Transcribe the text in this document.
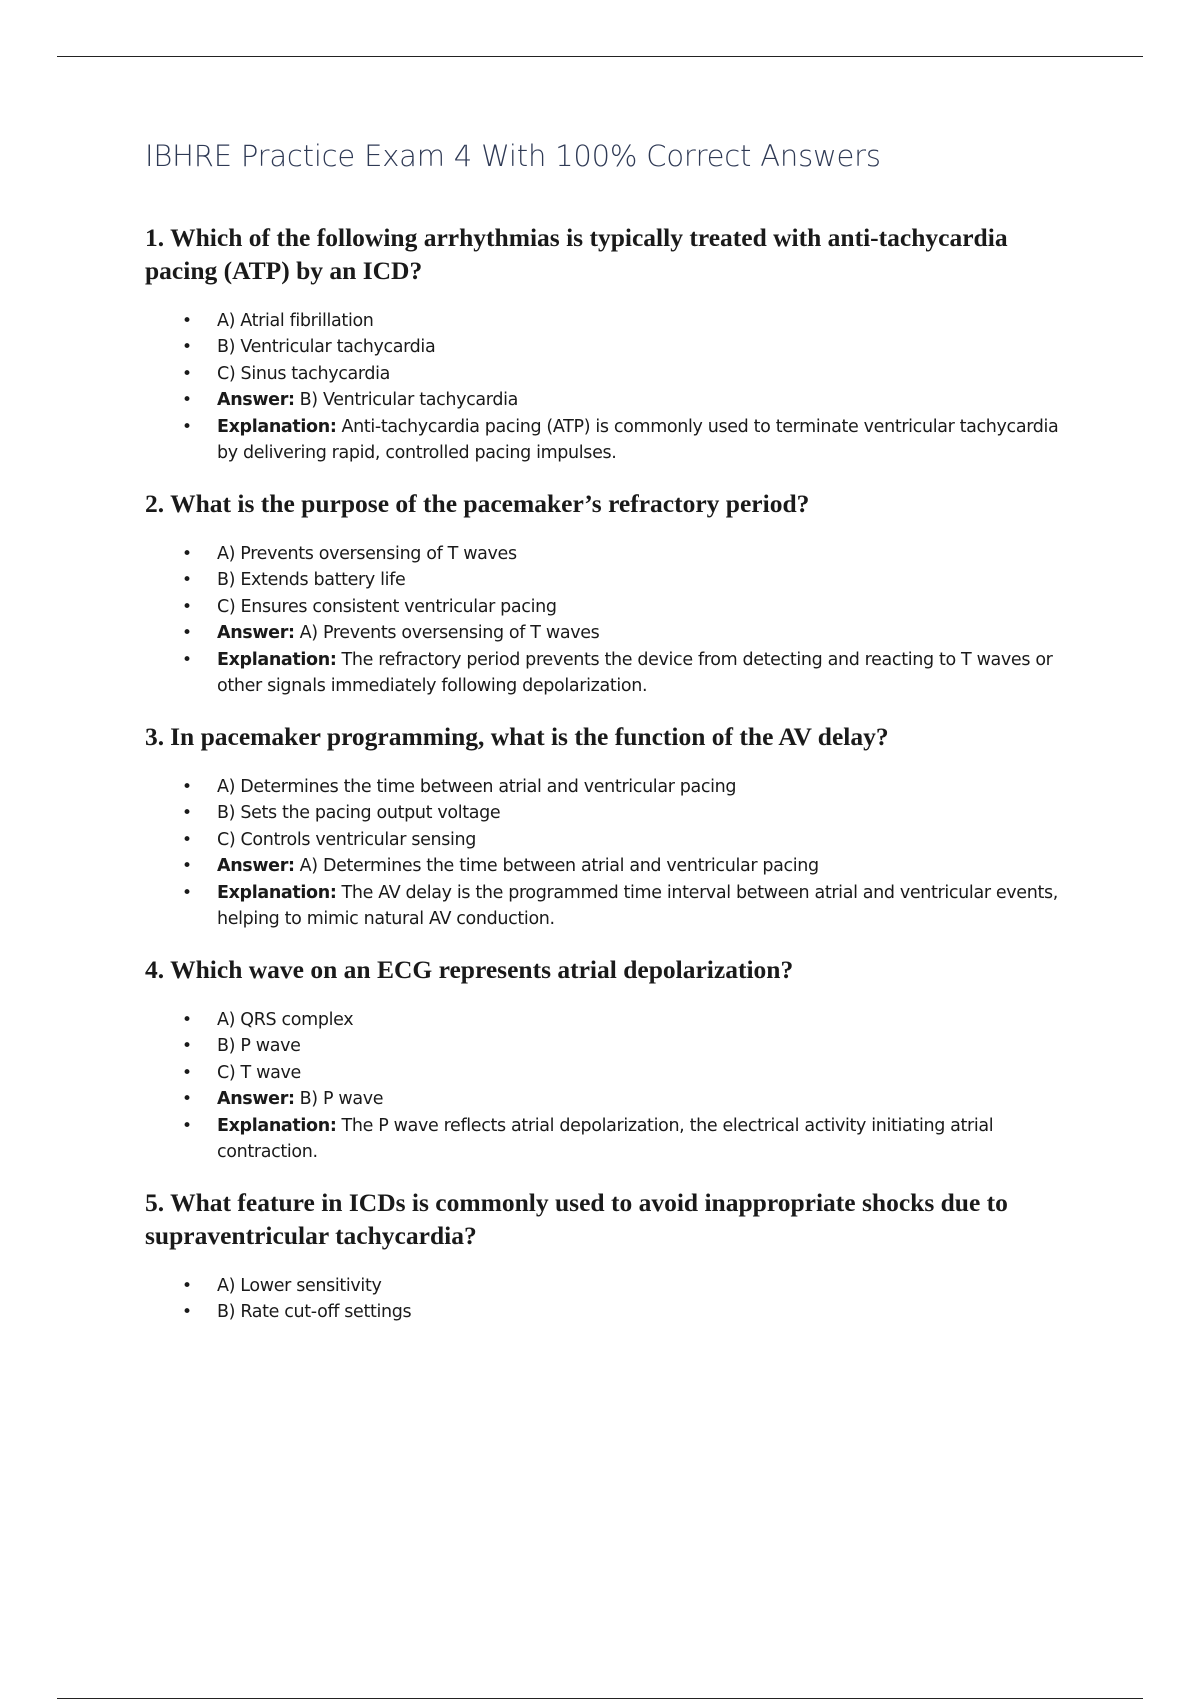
IBHRE Practice Exam 4 With 100% Correct Answers

1. Which of the following arrhythmias is typically treated with anti-tachycardia pacing (ATP) by an ICD?

• A) Atrial fibrillation
• B) Ventricular tachycardia
• C) Sinus tachycardia
• Answer: B) Ventricular tachycardia
• Explanation: Anti-tachycardia pacing (ATP) is commonly used to terminate ventricular tachycardia by delivering rapid, controlled pacing impulses.

2. What is the purpose of the pacemaker’s refractory period?

• A) Prevents oversensing of T waves
• B) Extends battery life
• C) Ensures consistent ventricular pacing
• Answer: A) Prevents oversensing of T waves
• Explanation: The refractory period prevents the device from detecting and reacting to T waves or other signals immediately following depolarization.

3. In pacemaker programming, what is the function of the AV delay?

• A) Determines the time between atrial and ventricular pacing
• B) Sets the pacing output voltage
• C) Controls ventricular sensing
• Answer: A) Determines the time between atrial and ventricular pacing
• Explanation: The AV delay is the programmed time interval between atrial and ventricular events, helping to mimic natural AV conduction.

4. Which wave on an ECG represents atrial depolarization?

• A) QRS complex
• B) P wave
• C) T wave
• Answer: B) P wave
• Explanation: The P wave reflects atrial depolarization, the electrical activity initiating atrial contraction.

5. What feature in ICDs is commonly used to avoid inappropriate shocks due to supraventricular tachycardia?

• A) Lower sensitivity
• B) Rate cut-off settings
